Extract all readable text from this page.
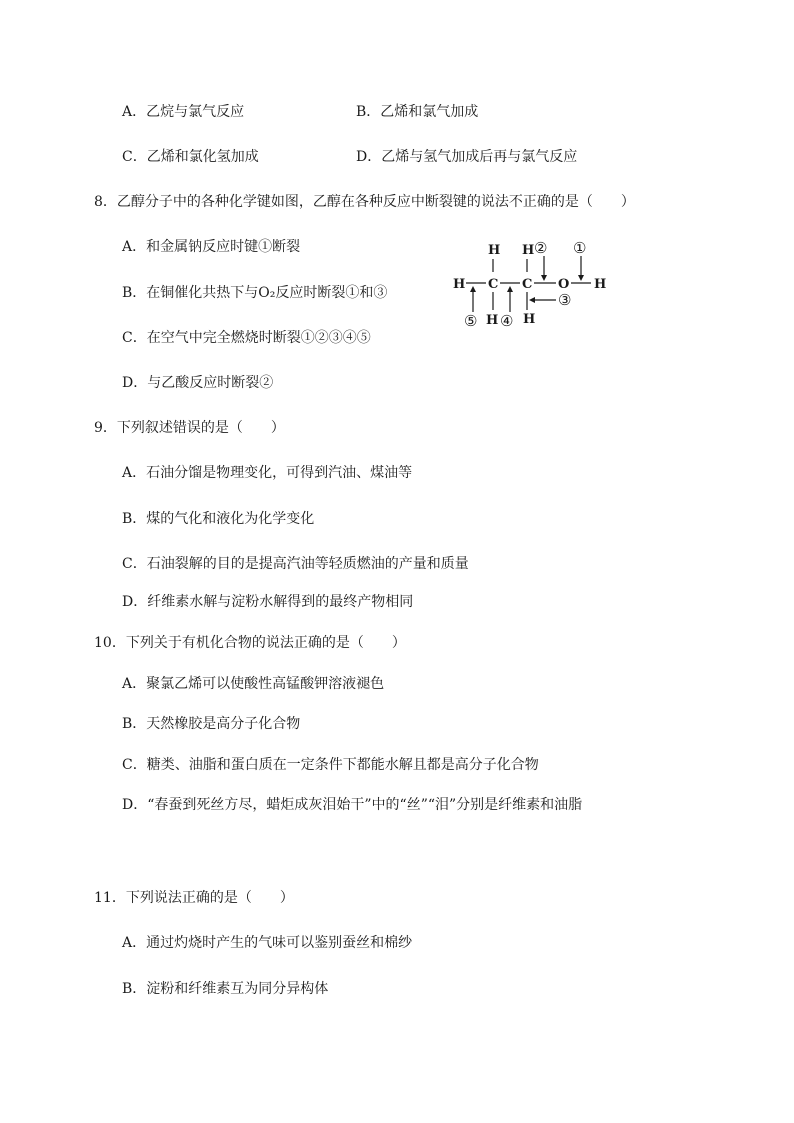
A．乙烷与氯气反应	B．乙烯和氯气加成
C．乙烯和氯化氢加成	D．乙烯与氢气加成后再与氯气反应
8．乙醇分子中的各种化学键如图，乙醇在各种反应中断裂键的说法不正确的是（　　）
A．和金属钠反应时键①断裂
B．在铜催化共热下与O₂反应时断裂①和③
C．在空气中完全燃烧时断裂①②③④⑤
D．与乙酸反应时断裂②
H C C O H
H H
H H
①
②
③
④
⑤
9．下列叙述错误的是（　　）
A．石油分馏是物理变化，可得到汽油、煤油等
B．煤的气化和液化为化学变化
C．石油裂解的目的是提高汽油等轻质燃油的产量和质量
D．纤维素水解与淀粉水解得到的最终产物相同
10．下列关于有机化合物的说法正确的是（　　）
A．聚氯乙烯可以使酸性高锰酸钾溶液褪色
B．天然橡胶是高分子化合物
C．糖类、油脂和蛋白质在一定条件下都能水解且都是高分子化合物
D．“春蚕到死丝方尽，蜡炬成灰泪始干”中的“丝”“泪”分别是纤维素和油脂
11．下列说法正确的是（　　）
A．通过灼烧时产生的气味可以鉴别蚕丝和棉纱
B．淀粉和纤维素互为同分异构体
